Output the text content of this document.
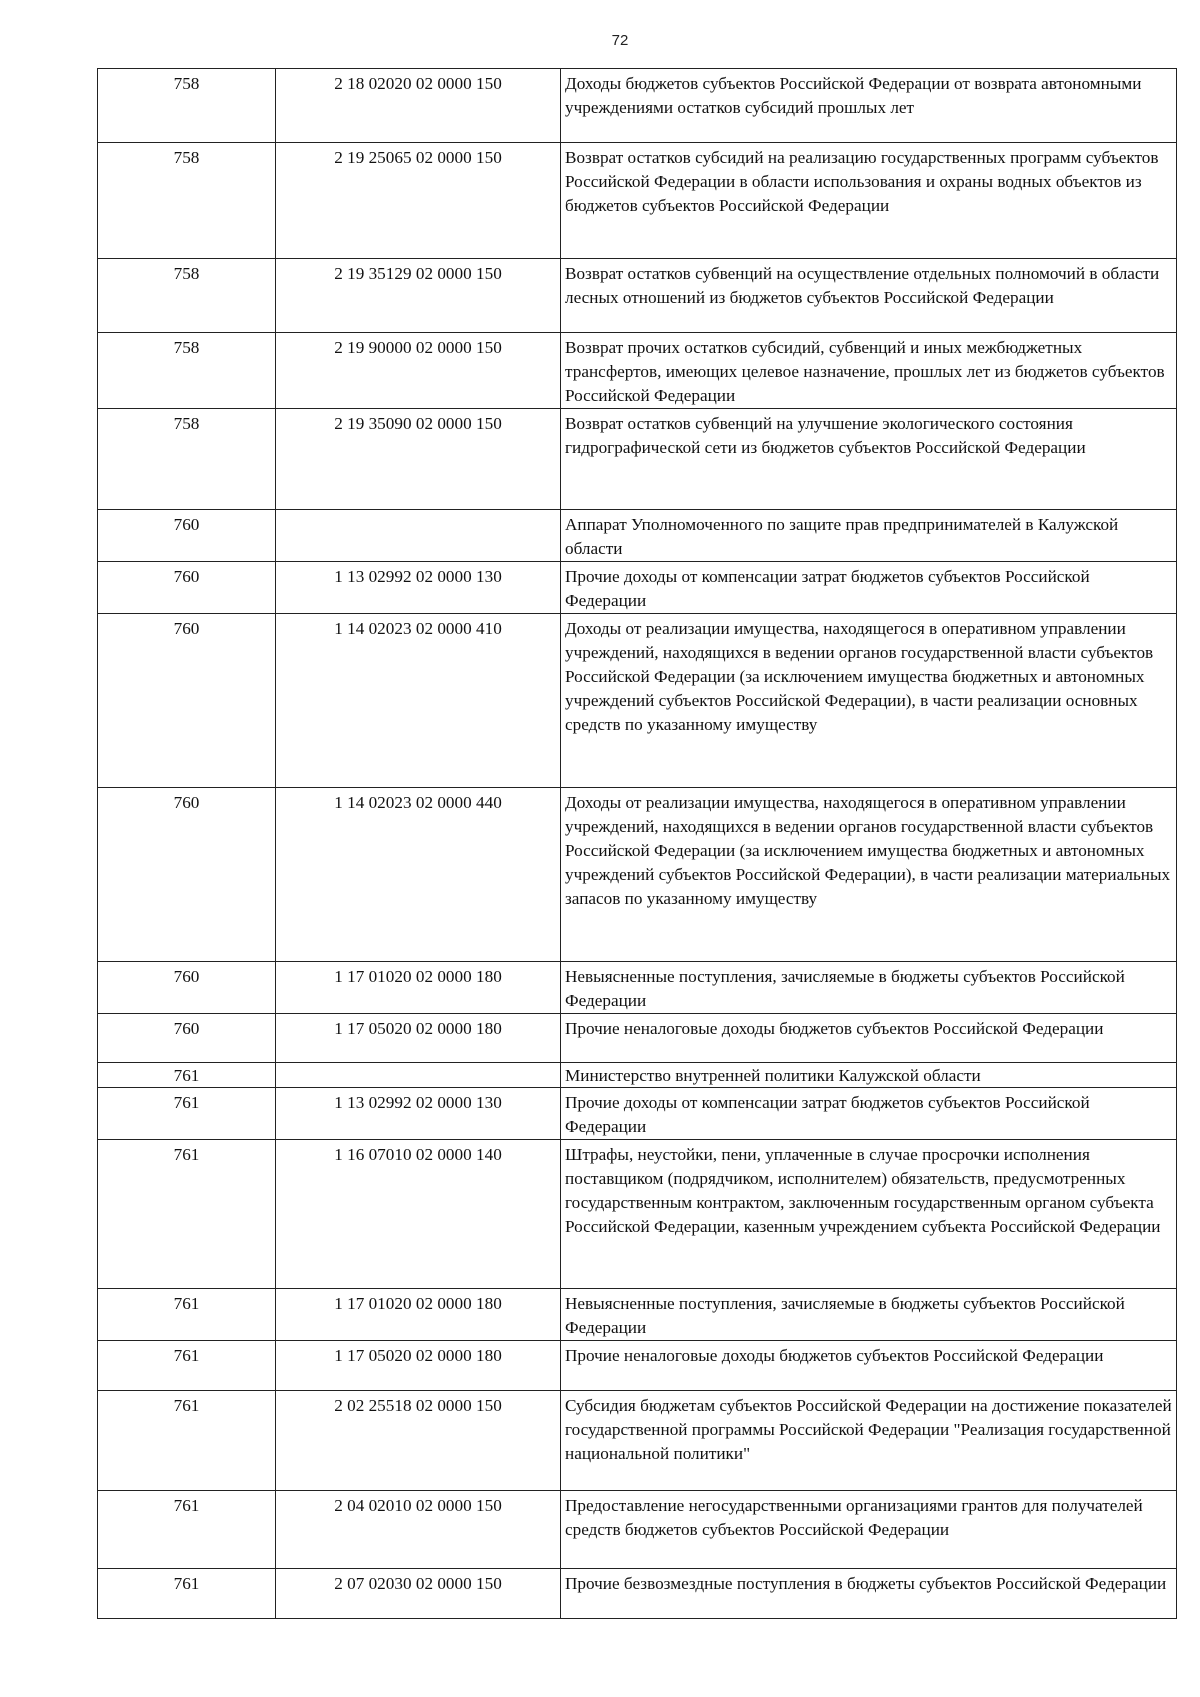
72
758	2 18 02020 02 0000 150	Доходы бюджетов субъектов Российской Федерации от возврата автономными учреждениями остатков субсидий прошлых лет
758	2 19 25065 02 0000 150	Возврат остатков субсидий на реализацию государственных программ субъектов Российской Федерации в области использования и охраны водных объектов из бюджетов субъектов Российской Федерации
758	2 19 35129 02 0000 150	Возврат остатков субвенций на осуществление отдельных полномочий в области лесных отношений из бюджетов субъектов Российской Федерации
758	2 19 90000 02 0000 150	Возврат прочих остатков субсидий, субвенций и иных межбюджетных трансфертов, имеющих целевое назначение, прошлых лет из бюджетов субъектов Российской Федерации
758	2 19 35090 02 0000 150	Возврат остатков субвенций на улучшение экологического состояния гидрографической сети из бюджетов субъектов Российской Федерации
760		Аппарат Уполномоченного по защите прав предпринимателей в Калужской области
760	1 13 02992 02 0000 130	Прочие доходы от компенсации затрат бюджетов субъектов Российской Федерации
760	1 14 02023 02 0000 410	Доходы от реализации имущества, находящегося в оперативном управлении учреждений, находящихся в ведении органов государственной власти субъектов Российской Федерации (за исключением имущества бюджетных и автономных учреждений субъектов Российской Федерации), в части реализации основных средств по указанному имуществу
760	1 14 02023 02 0000 440	Доходы от реализации имущества, находящегося в оперативном управлении учреждений, находящихся в ведении органов государственной власти субъектов Российской Федерации (за исключением имущества бюджетных и автономных учреждений субъектов Российской Федерации), в части реализации материальных запасов по указанному имуществу
760	1 17 01020 02 0000 180	Невыясненные поступления, зачисляемые в бюджеты субъектов Российской Федерации
760	1 17 05020 02 0000 180	Прочие неналоговые доходы бюджетов субъектов Российской Федерации
761		Министерство внутренней политики Калужской области
761	1 13 02992 02 0000 130	Прочие доходы от компенсации затрат бюджетов субъектов Российской Федерации
761	1 16 07010 02 0000 140	Штрафы, неустойки, пени, уплаченные в случае просрочки исполнения поставщиком (подрядчиком, исполнителем) обязательств, предусмотренных государственным контрактом, заключенным государственным органом субъекта Российской Федерации, казенным учреждением субъекта Российской Федерации
761	1 17 01020 02 0000 180	Невыясненные поступления, зачисляемые в бюджеты субъектов Российской Федерации
761	1 17 05020 02 0000 180	Прочие неналоговые доходы бюджетов субъектов Российской Федерации
761	2 02 25518 02 0000 150	Субсидия бюджетам субъектов Российской Федерации на достижение показателей государственной программы Российской Федерации "Реализация государственной национальной политики"
761	2 04 02010 02 0000 150	Предоставление негосударственными организациями грантов для получателей средств бюджетов субъектов Российской Федерации
761	2 07 02030 02 0000 150	Прочие безвозмездные поступления в бюджеты субъектов Российской Федерации
